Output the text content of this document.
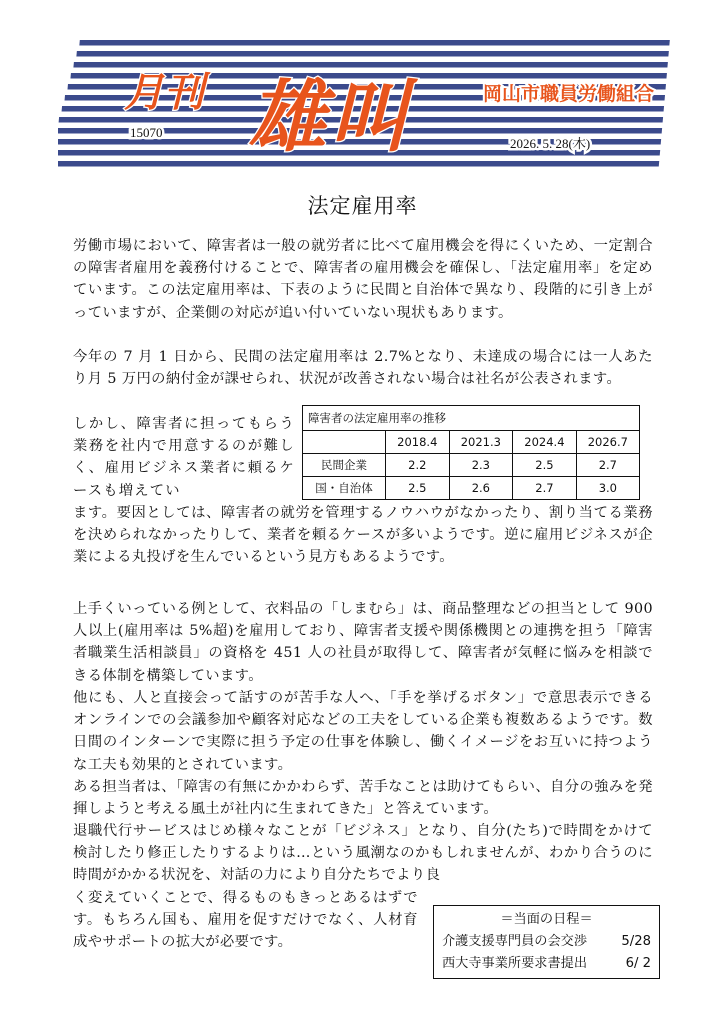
月刊 雄叫	岡山市職員労働組合
15070
2026. 5. 28(木)
法定雇用率

労働市場において、障害者は一般の就労者に比べて雇用機会を得にくいため、一定割合の障害者雇用を義務付けることで、障害者の雇用機会を確保し、「法定雇用率」を定めています。この法定雇用率は、下表のように民間と自治体で異なり、段階的に引き上がっていますが、企業側の対応が追い付いていない現状もあります。

今年の 7 月 1 日から、民間の法定雇用率は 2.7%となり、未達成の場合には一人あたり月 5 万円の納付金が課せられ、状況が改善されない場合は社名が公表されます。

しかし、障害者に担ってもらう業務を社内で用意するのが難しく、雇用ビジネス業者に頼るケースも増えてい

障害者の法定雇用率の推移
	2018.4	2021.3	2024.4	2026.7
民間企業	2.2	2.3	2.5	2.7
国・自治体	2.5	2.6	2.7	3.0

ます。要因としては、障害者の就労を管理するノウハウがなかったり、割り当てる業務を決められなかったりして、業者を頼るケースが多いようです。逆に雇用ビジネスが企業による丸投げを生んでいるという見方もあるようです。

上手くいっている例として、衣料品の「しまむら」は、商品整理などの担当として 900 人以上(雇用率は 5%超)を雇用しており、障害者支援や関係機関との連携を担う「障害者職業生活相談員」の資格を 451 人の社員が取得して、障害者が気軽に悩みを相談できる体制を構築しています。

他にも、人と直接会って話すのが苦手な人へ、「手を挙げるボタン」で意思表示できるオンラインでの会議参加や顧客対応などの工夫をしている企業も複数あるようです。数日間のインターンで実際に担う予定の仕事を体験し、働くイメージをお互いに持つような工夫も効果的とされています。

ある担当者は、「障害の有無にかかわらず、苦手なことは助けてもらい、自分の強みを発揮しようと考える風土が社内に生まれてきた」と答えています。

退職代行サービスはじめ様々なことが「ビジネス」となり、自分(たち)で時間をかけて検討したり修正したりするよりは…という風潮なのかもしれませんが、わかり合うのに時間がかかる状況を、対話の力により自分たちでより良

く変えていくことで、得るものもきっとあるはずです。もちろん国も、雇用を促すだけでなく、人材育成やサポートの拡大が必要です。

＝当面の日程＝
介護支援専門員の会交渉	5/28
西大寺事業所要求書提出	6/ 2
